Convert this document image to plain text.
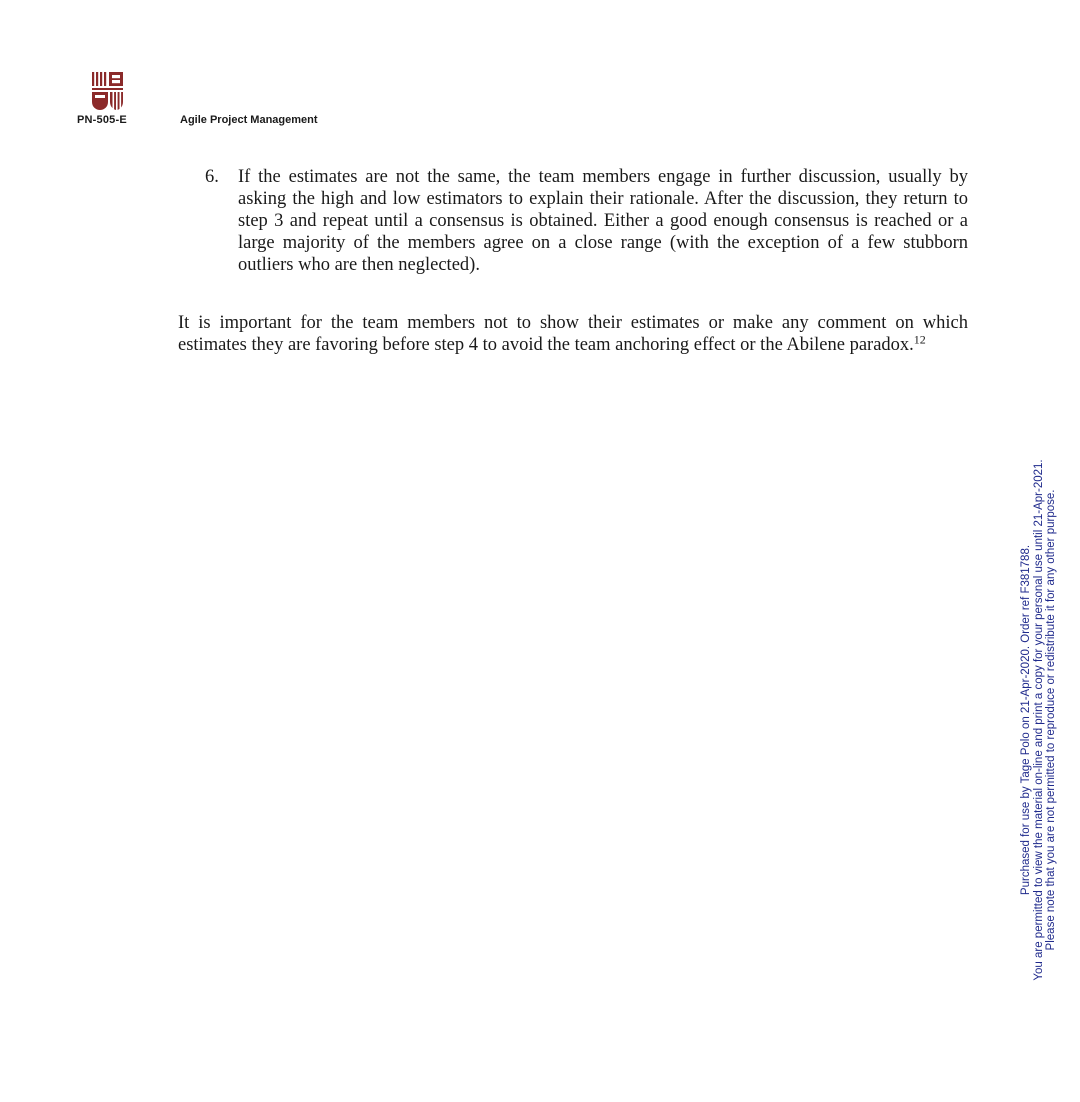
PN-505-E	Agile Project Management
6. If the estimates are not the same, the team members engage in further discussion, usually by asking the high and low estimators to explain their rationale. After the discussion, they return to step 3 and repeat until a consensus is obtained. Either a good enough consensus is reached or a large majority of the members agree on a close range (with the exception of a few stubborn outliers who are then neglected).
It is important for the team members not to show their estimates or make any comment on which estimates they are favoring before step 4 to avoid the team anchoring effect or the Abilene paradox.$^{12}$
Purchased for use by Tage Polo on 21-Apr-2020. Order ref F381788. You are permitted to view the material on-line and print a copy for your personal use until 21-Apr-2021. Please note that you are not permitted to reproduce or redistribute it for any other purpose.
